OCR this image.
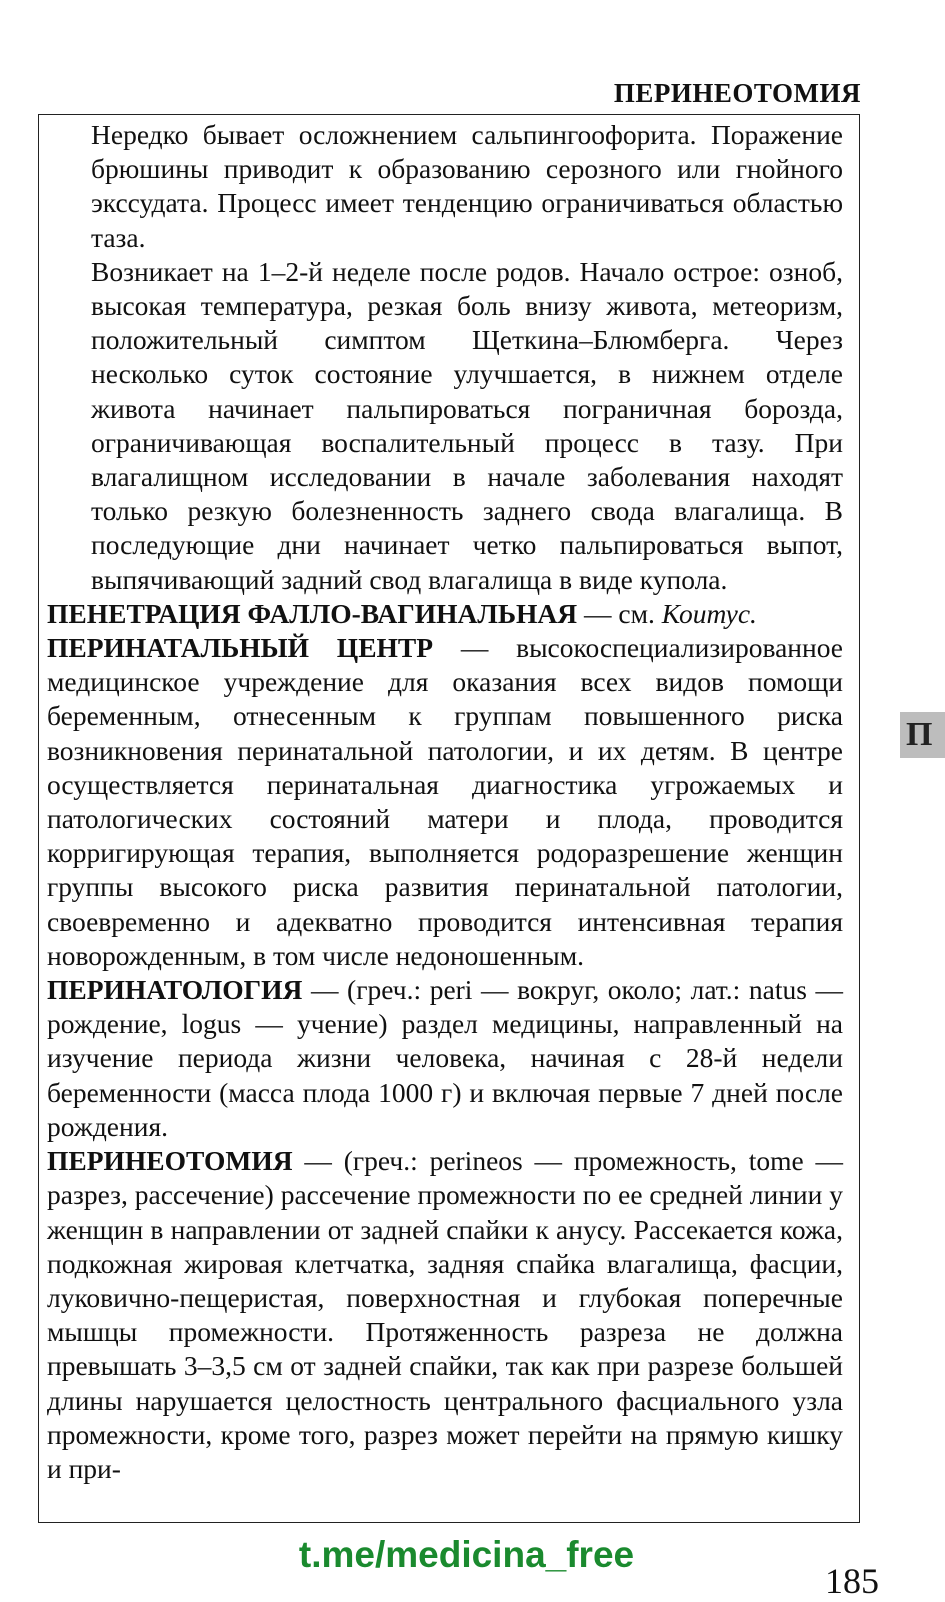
ПЕРИНЕОТОМИЯ

Нередко бывает осложнением сальпингоофорита. Поражение брюшины приводит к образованию серозного или гнойного экссудата. Процесс имеет тенденцию ограничиваться областью таза.

Возникает на 1–2-й неделе после родов. Начало острое: озноб, высокая температура, резкая боль внизу живота, метеоризм, положительный симптом Щеткина–Блюмберга. Через несколько суток состояние улучшается, в нижнем отделе живота начинает пальпироваться пограничная борозда, ограничивающая воспалительный процесс в тазу. При влагалищном исследовании в начале заболевания находят только резкую болезненность заднего свода влагалища. В последующие дни начинает четко пальпироваться выпот, выпячивающий задний свод влагалища в виде купола.

ПЕНЕТРАЦИЯ ФАЛЛО-ВАГИНАЛЬНАЯ — см. Коитус.

ПЕРИНАТАЛЬНЫЙ ЦЕНТР — высокоспециализированное медицинское учреждение для оказания всех видов помощи беременным, отнесенным к группам повышенного риска возникновения перинатальной патологии, и их детям. В центре осуществляется перинатальная диагностика угрожаемых и патологических состояний матери и плода, проводится корригирующая терапия, выполняется родоразрешение женщин группы высокого риска развития перинатальной патологии, своевременно и адекватно проводится интенсивная терапия новорожденным, в том числе недоношенным.

ПЕРИНАТОЛОГИЯ — (греч.: peri — вокруг, около; лат.: natus — рождение, logus — учение) раздел медицины, направленный на изучение периода жизни человека, начиная с 28-й недели беременности (масса плода 1000 г) и включая первые 7 дней после рождения.

ПЕРИНЕОТОМИЯ — (греч.: perineos — промежность, tome — разрез, рассечение) рассечение промежности по ее средней линии у женщин в направлении от задней спайки к анусу. Рассекается кожа, подкожная жировая клетчатка, задняя спайка влагалища, фасции, луковично-пещеристая, поверхностная и глубокая поперечные мышцы промежности. Протяженность разреза не должна превышать 3–3,5 см от задней спайки, так как при разрезе большей длины нарушается целостность центрального фасциального узла промежности, кроме того, разрез может перейти на прямую кишку и при-

П
t.me/medicina_free
185
